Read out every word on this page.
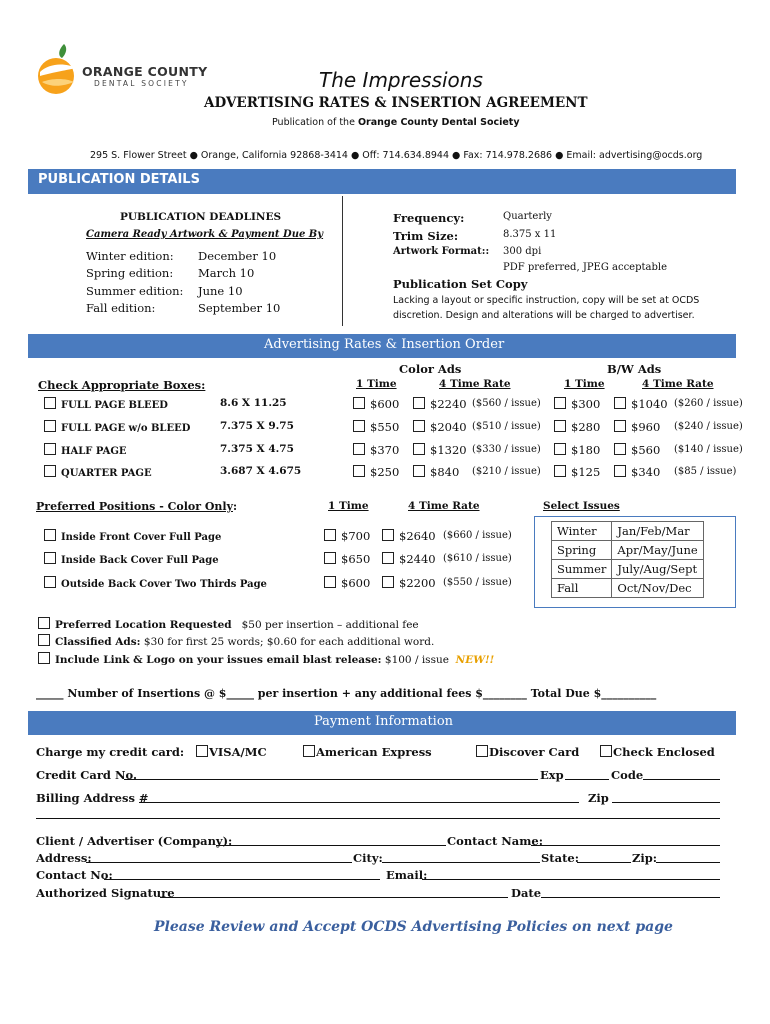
ORANGE COUNTY
DENTAL SOCIETY	The Impressions
ADVERTISING RATES & INSERTION AGREEMENT
Publication of the Orange County Dental Society
295 S. Flower Street ● Orange, California 92868-3414 ● Off: 714.634.8944 ● Fax: 714.978.2686 ● Email: advertising@ocds.org
PUBLICATION DETAILS
PUBLICATION DEADLINES
Camera Ready Artwork & Payment Due By
Winter edition: December 10
Spring edition: March 10
Summer edition: June 10
Fall edition:	September 10
Frequency:	Quarterly
Trim Size:	8.375 x 11
Artwork Format:: 300 dpi
PDF preferred, JPEG acceptable
Publication Set Copy
Lacking a layout or specific instruction, copy will be set at OCDS
discretion. Design and alterations will be charged to advertiser.
Advertising Rates & Insertion Order
Color Ads	B/W Ads
Check Appropriate Boxes:	1 Time	4 Time Rate	1 Time	4 Time Rate
FULL PAGE BLEED	8.6 X 11.25	$600	$2240 ($560 / issue)	$300	$1040 ($260 / issue)
FULL PAGE w/o BLEED	7.375 X 9.75	$550	$2040 ($510 / issue)	$280	$960 ($240 / issue)
HALF PAGE	7.375 X 4.75	$370	$1320 ($330 / issue)	$180	$560 ($140 / issue)
QUARTER PAGE	3.687 X 4.675	$250	$840 ($210 / issue)	$125	$340 ($85 / issue)
Preferred Positions - Color Only:	1 Time	4 Time Rate	Select Issues
Inside Front Cover Full Page	$700	$2640 ($660 / issue)
Inside Back Cover Full Page	$650	$2440 ($610 / issue)
Outside Back Cover Two Thirds Page	$600	$2200 ($550 / issue)
Winter	Jan/Feb/Mar
Spring	Apr/May/June
Summer	July/Aug/Sept
Fall	Oct/Nov/Dec
Preferred Location Requested $50 per insertion – additional fee
Classified Ads: $30 for first 25 words; $0.60 for each additional word.
Include Link & Logo on your issues email blast release: $100 / issue NEW!!
_____ Number of Insertions @ $_____ per insertion + any additional fees $________ Total Due $__________
Payment Information
Charge my credit card:	VISA/MC	American Express	Discover Card	Check Enclosed
Credit Card No.	Exp	Code
Billing Address #	Zip
Client / Advertiser (Company):	Contact Name:
Address:	City:	State:	Zip:
Contact No:	Email:
Authorized Signature	Date
Please Review and Accept OCDS Advertising Policies on next page
